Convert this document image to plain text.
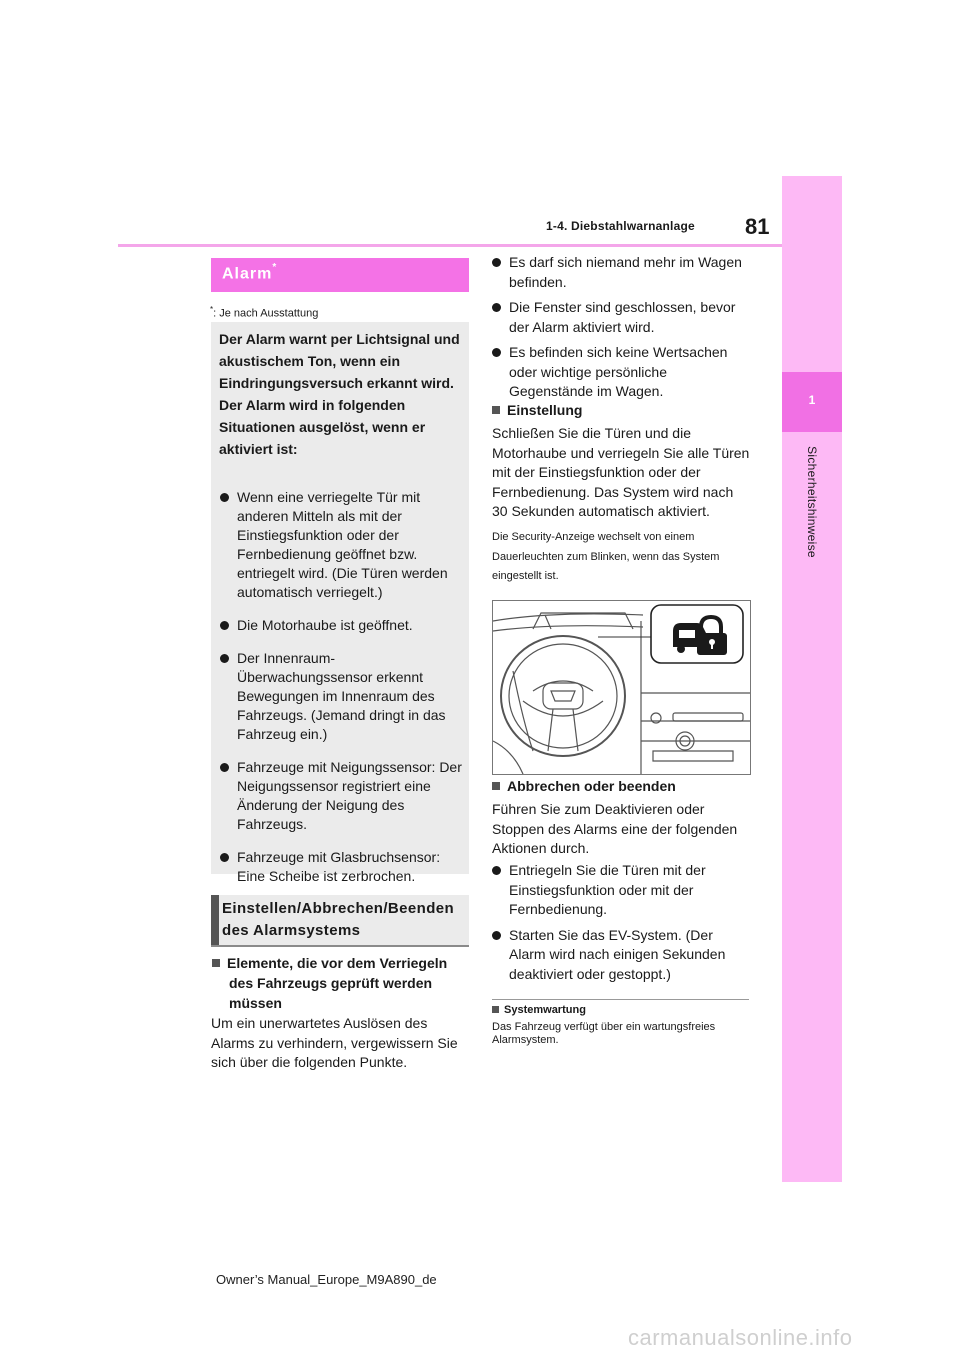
81
1-4. Diebstahlwarnanlage
1
Sicherheitshinweise
Alarm*
*: Je nach Ausstattung

Der Alarm warnt per Lichtsignal und akustischem Ton, wenn ein Eindringungsversuch erkannt wird.

Der Alarm wird in folgenden Situationen ausgelöst, wenn er aktiviert ist:

Wenn eine verriegelte Tür mit anderen Mitteln als mit der Einstiegsfunktion oder der Fernbedienung geöffnet bzw. entriegelt wird. (Die Türen werden automatisch verriegelt.)
Die Motorhaube ist geöffnet.
Der Innenraum-Überwachungssensor erkennt Bewegungen im Innenraum des Fahrzeugs. (Jemand dringt in das Fahrzeug ein.)
Fahrzeuge mit Neigungssensor: Der Neigungssensor registriert eine Änderung der Neigung des Fahrzeugs.
Fahrzeuge mit Glasbruchsensor: Eine Scheibe ist zerbrochen.
Einstellen/Abbrechen/Beenden des Alarmsystems
Elemente, die vor dem Verriegeln
des Fahrzeugs geprüft werden müssen
Um ein unerwartetes Auslösen des Alarms zu verhindern, vergewissern Sie sich über die folgenden Punkte.
Es darf sich niemand mehr im Wagen befinden.
Die Fenster sind geschlossen, bevor der Alarm aktiviert wird.
Es befinden sich keine Wertsachen oder wichtige persönliche Gegenstände im Wagen.
Einstellung
Schließen Sie die Türen und die Motorhaube und verriegeln Sie alle Türen mit der Einstiegsfunktion oder der Fernbedienung. Das System wird nach 30 Sekunden automatisch aktiviert.
Die Security-Anzeige wechselt von einem Dauerleuchten zum Blinken, wenn das System eingestellt ist.
Abbrechen oder beenden
Führen Sie zum Deaktivieren oder Stoppen des Alarms eine der folgenden Aktionen durch.
Entriegeln Sie die Türen mit der Einstiegsfunktion oder mit der Fernbedienung.
Starten Sie das EV-System. (Der Alarm wird nach einigen Sekunden deaktiviert oder gestoppt.)
Systemwartung
Das Fahrzeug verfügt über ein wartungsfreies Alarmsystem.
Owner’s Manual_Europe_M9A890_de
carmanualsonline.info
